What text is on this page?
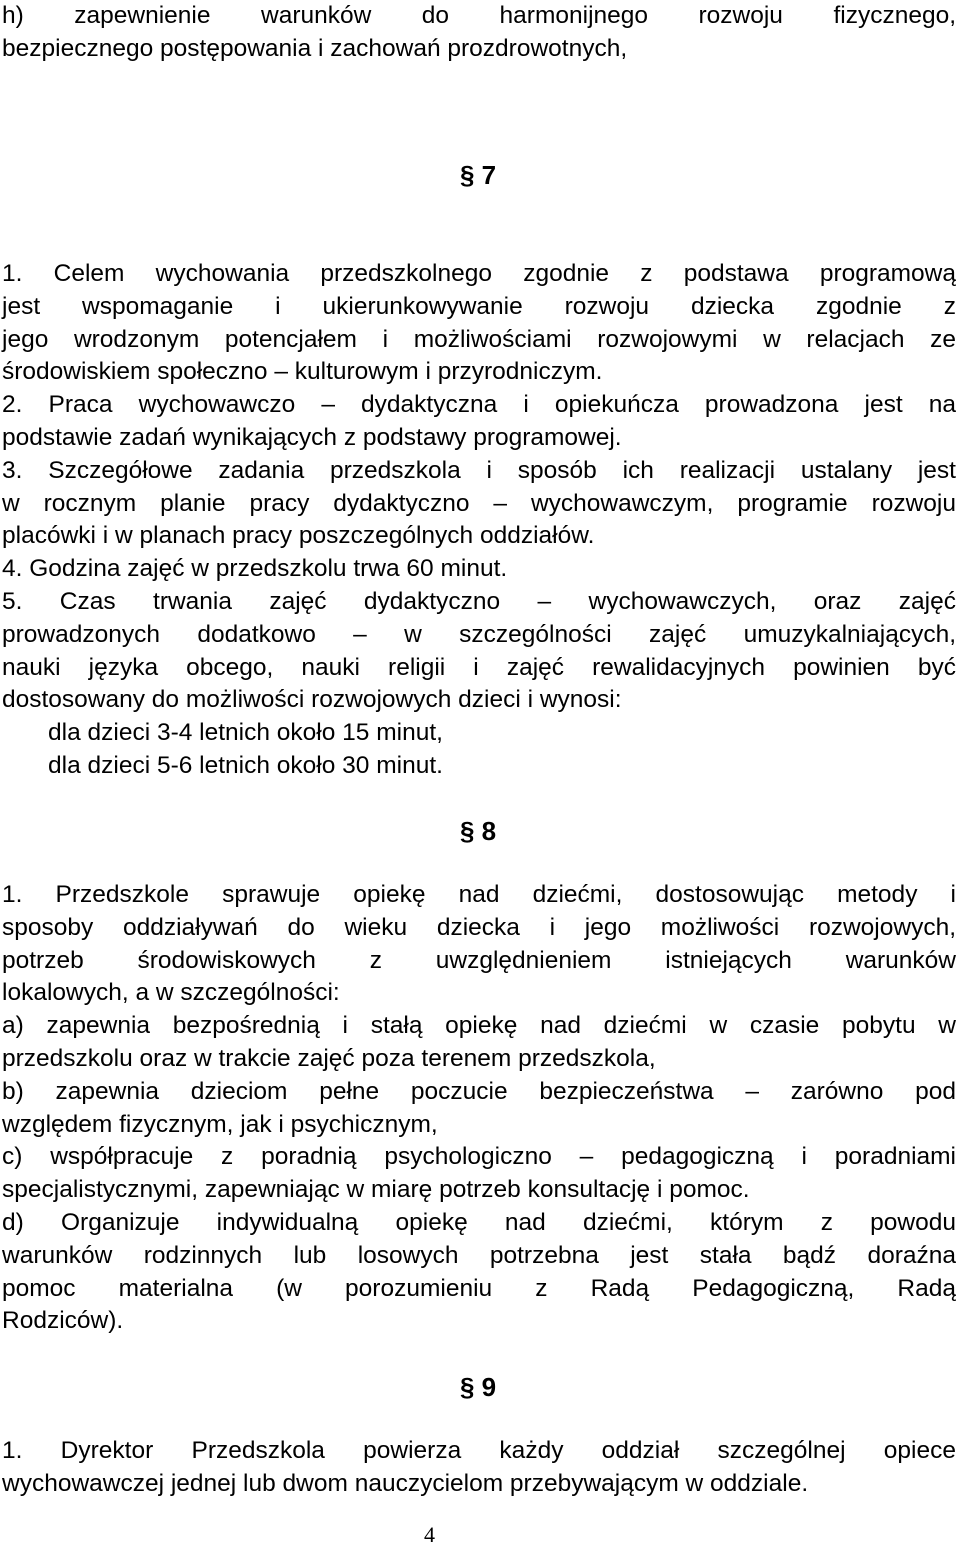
h) zapewnienie warunków do harmonijnego rozwoju fizycznego,
bezpiecznego postępowania i zachowań prozdrowotnych,
§ 7
1. Celem wychowania przedszkolnego zgodnie z podstawa programową
jest wspomaganie i ukierunkowywanie rozwoju dziecka zgodnie z
jego wrodzonym potencjałem i możliwościami rozwojowymi w relacjach ze
środowiskiem społeczno – kulturowym i przyrodniczym.
2. Praca wychowawczo – dydaktyczna i opiekuńcza prowadzona jest na
podstawie zadań wynikających z podstawy programowej.
3. Szczegółowe zadania przedszkola i sposób ich realizacji ustalany jest
w rocznym planie pracy dydaktyczno – wychowawczym, programie rozwoju
placówki i w planach pracy poszczególnych oddziałów.
4. Godzina zajęć w przedszkolu trwa 60 minut.
5. Czas trwania zajęć dydaktyczno – wychowawczych, oraz zajęć
prowadzonych dodatkowo – w szczególności zajęć umuzykalniających,
nauki języka obcego, nauki religii i zajęć rewalidacyjnych powinien być
dostosowany do możliwości rozwojowych dzieci i wynosi:
dla dzieci 3-4 letnich około 15 minut,
dla dzieci 5-6 letnich około 30 minut.
§ 8
1. Przedszkole sprawuje opiekę nad dziećmi, dostosowując metody i
sposoby oddziaływań do wieku dziecka i jego możliwości rozwojowych,
potrzeb środowiskowych z uwzględnieniem istniejących warunków
lokalowych, a w szczególności:
a) zapewnia bezpośrednią i stałą opiekę nad dziećmi w czasie pobytu w
przedszkolu oraz w trakcie zajęć poza terenem przedszkola,
b) zapewnia dzieciom pełne poczucie bezpieczeństwa – zarówno pod
względem fizycznym, jak i psychicznym,
c) współpracuje z poradnią psychologiczno – pedagogiczną i poradniami
specjalistycznymi, zapewniając w miarę potrzeb konsultację i pomoc.
d) Organizuje indywidualną opiekę nad dziećmi, którym z powodu
warunków rodzinnych lub losowych potrzebna jest stała bądź doraźna
pomoc materialna (w porozumieniu z Radą Pedagogiczną, Radą
Rodziców).
§ 9
1. Dyrektor Przedszkola powierza każdy oddział szczególnej opiece
wychowawczej jednej lub dwom nauczycielom przebywającym w oddziale.
4
